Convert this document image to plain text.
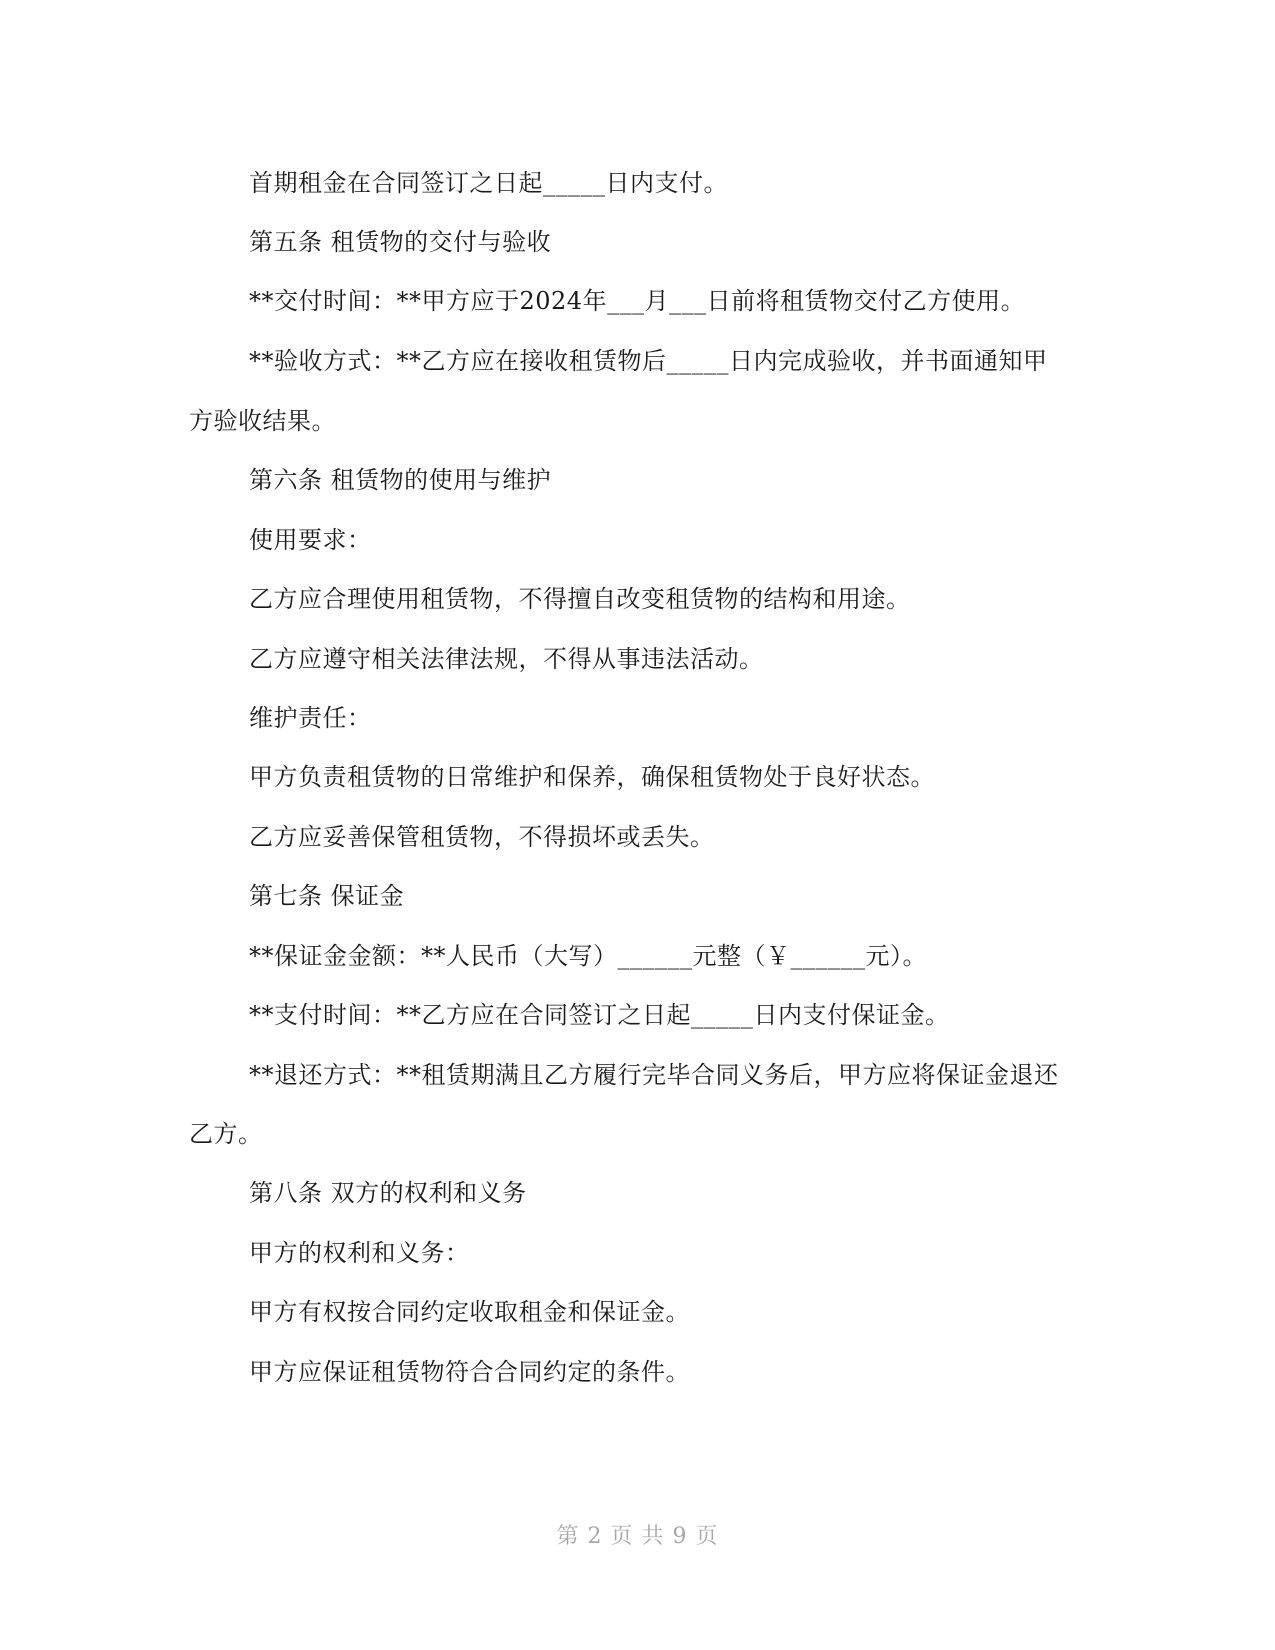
首期租金在合同签订之日起_____日内支付。
第五条 租赁物的交付与验收
**交付时间：**甲方应于2024年___月___日前将租赁物交付乙方使用。
**验收方式：**乙方应在接收租赁物后_____日内完成验收，并书面通知甲
方验收结果。
第六条 租赁物的使用与维护
使用要求：
乙方应合理使用租赁物，不得擅自改变租赁物的结构和用途。
乙方应遵守相关法律法规，不得从事违法活动。
维护责任：
甲方负责租赁物的日常维护和保养，确保租赁物处于良好状态。
乙方应妥善保管租赁物，不得损坏或丢失。
第七条 保证金
**保证金金额：**人民币（大写）______元整（￥______元）。
**支付时间：**乙方应在合同签订之日起_____日内支付保证金。
**退还方式：**租赁期满且乙方履行完毕合同义务后，甲方应将保证金退还
乙方。
第八条 双方的权利和义务
甲方的权利和义务：
甲方有权按合同约定收取租金和保证金。
甲方应保证租赁物符合合同约定的条件。
第 2 页 共 9 页
